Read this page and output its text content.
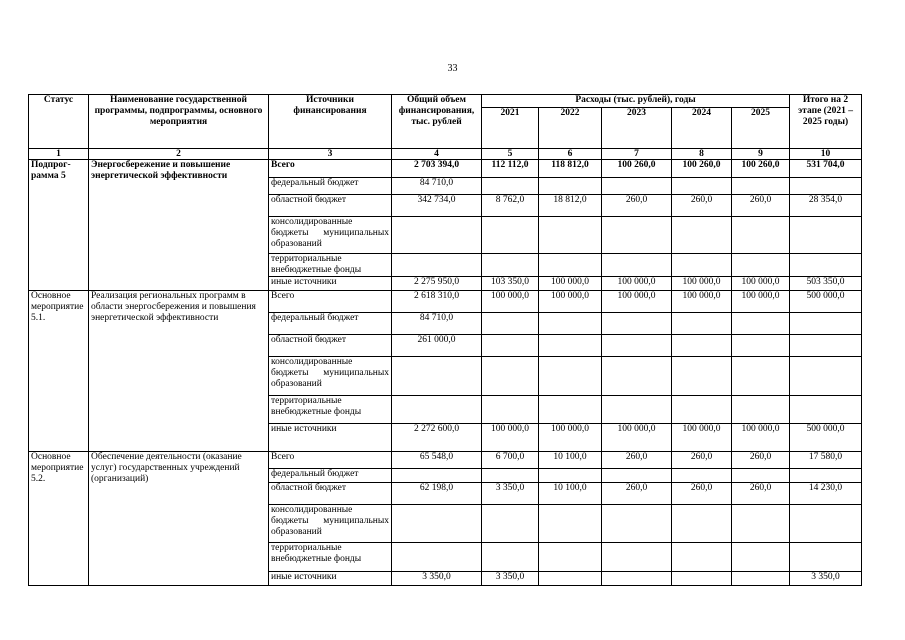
33
Статус	Наименование государственной программы, подпрограммы, основного мероприятия	Источники финансирования	Общий объем финансирования, тыс. рублей	Расходы (тыс. рублей), годы					Итого на 2 этапе (2021 – 2025 годы)
				2021	2022	2023	2024	2025	
1	2	3	4	5	6	7	8	9	10
Подпрог-рамма 5	Энергосбережение и повышение энергетической эффективности	Всего	2 703 394,0	112 112,0	118 812,0	100 260,0	100 260,0	100 260,0	531 704,0
		федеральный бюджет	84 710,0						
		областной бюджет	342 734,0	8 762,0	18 812,0	260,0	260,0	260,0	28 354,0
		консолидированные бюджеты муниципальных образований							
		территориальные внебюджетные фонды							
		иные источники	2 275 950,0	103 350,0	100 000,0	100 000,0	100 000,0	100 000,0	503 350,0
Основное мероприятие 5.1.	Реализация региональных программ в области энергосбережения и повышения энергетической эффективности	Всего	2 618 310,0	100 000,0	100 000,0	100 000,0	100 000,0	100 000,0	500 000,0
		федеральный бюджет	84 710,0						
		областной бюджет	261 000,0						
		консолидированные бюджеты муниципальных образований							
		территориальные внебюджетные фонды							
		иные источники	2 272 600,0	100 000,0	100 000,0	100 000,0	100 000,0	100 000,0	500 000,0
Основное мероприятие 5.2.	Обеспечение деятельности (оказание услуг) государственных учреждений (организаций)	Всего	65 548,0	6 700,0	10 100,0	260,0	260,0	260,0	17 580,0
		федеральный бюджет							
		областной бюджет	62 198,0	3 350,0	10 100,0	260,0	260,0	260,0	14 230,0
		консолидированные бюджеты муниципальных образований							
		территориальные внебюджетные фонды							
		иные источники	3 350,0	3 350,0					3 350,0
